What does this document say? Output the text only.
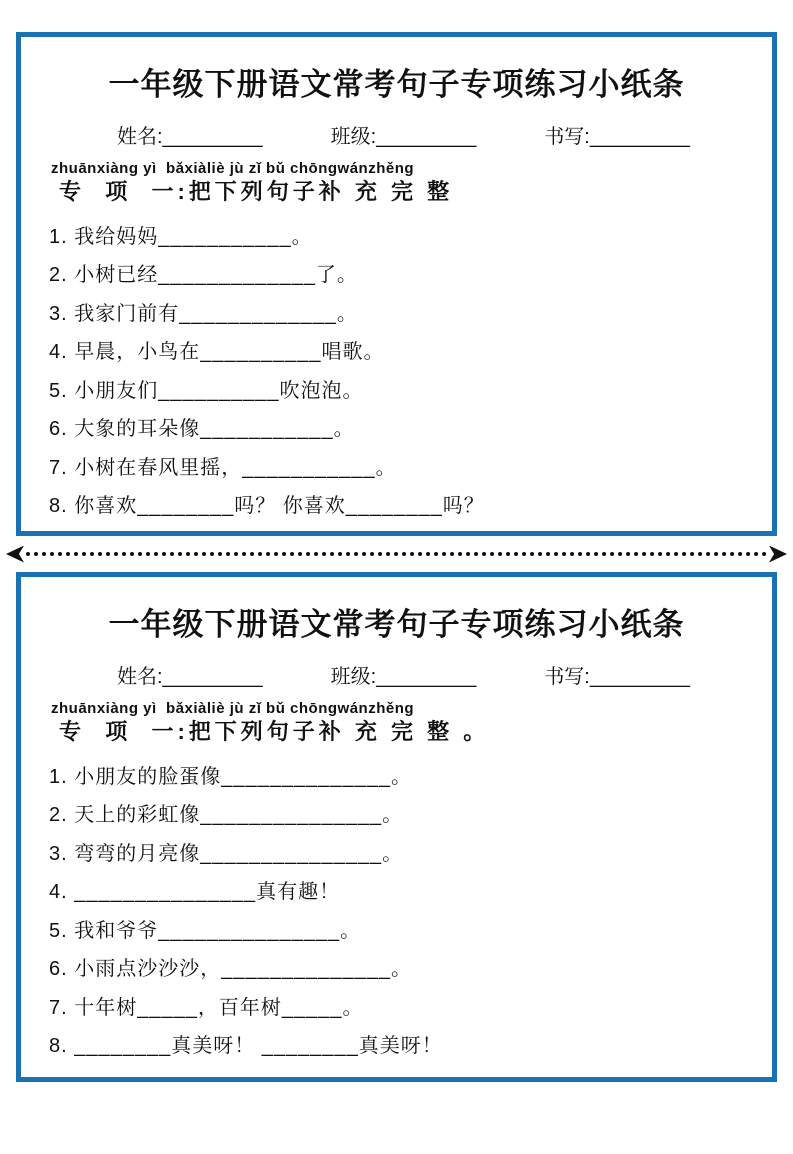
一年级下册语文常考句子专项练习小纸条
姓名:_________	班级:_________	书写:_________
zhuānxiàng yì  bǎxiàliè jù zǐ bǔ chōngwánzhěng
专  项  一:把下列句子补 充 完 整
1. 我给妈妈___________。
2. 小树已经_____________了。
3. 我家门前有_____________。
4. 早晨，小鸟在__________唱歌。
5. 小朋友们__________吹泡泡。
6. 大象的耳朵像___________。
7. 小树在春风里摇，___________。
8. 你喜欢________吗？ 你喜欢________吗？
一年级下册语文常考句子专项练习小纸条
姓名:_________	班级:_________	书写:_________
zhuānxiàng yì  bǎxiàliè jù zǐ bǔ chōngwánzhěng
专  项  一:把下列句子补 充 完 整 。
1. 小朋友的脸蛋像______________。
2. 天上的彩虹像_______________。
3. 弯弯的月亮像_______________。
4. _______________真有趣！
5. 我和爷爷_______________。
6. 小雨点沙沙沙，______________。
7. 十年树_____，百年树_____。
8. ________真美呀！ ________真美呀！
